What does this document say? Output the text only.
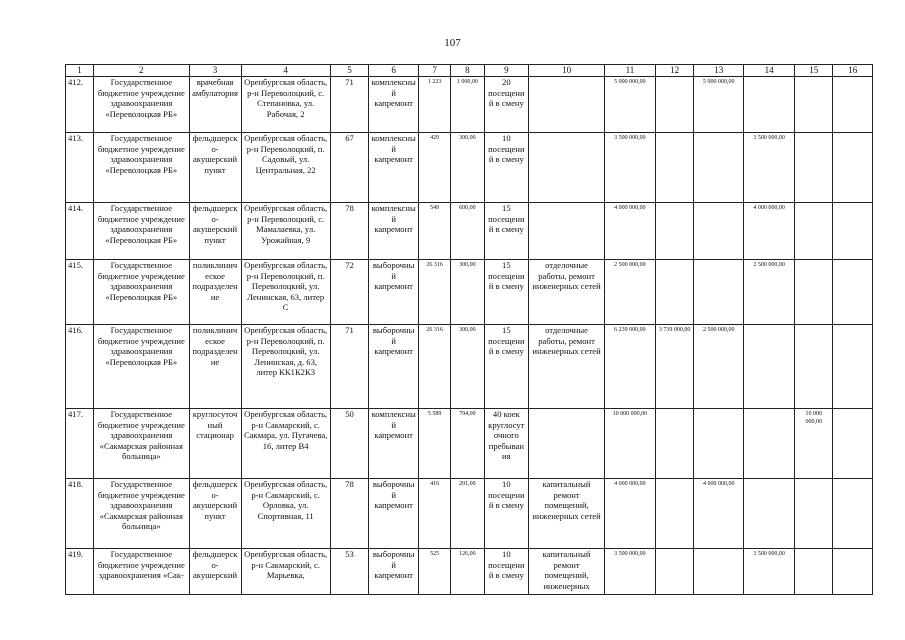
107
1	2	3	4	5	6	7	8	9	10	11	12	13	14	15	16
412.	Государственное бюджетное учреждение здравоохранения «Переволоцкая РБ»	врачебная амбулатория	Оренбургская область, р-н Переволоцкий, с. Степановка, ул. Рабочая, 2	71	комплексный капремонт	1 223	1 000,00	20 посещений в смену		5 000 000,00		5 000 000,00			
413.	Государственное бюджетное учреждение здравоохранения «Переволоцкая РБ»	фельдшерско-акушерский пункт	Оренбургская область, р-н Переволоцкий, п. Садовый, ул. Центральная, 22	67	комплексный капремонт	429	300,00	10 посещений в смену		3 500 000,00			3 500 000,00		
414.	Государственное бюджетное учреждение здравоохранения «Переволоцкая РБ»	фельдшерско-акушерский пункт	Оренбургская область, р-н Переволоцкий, с. Мамалаевка, ул. Урожайная, 9	78	комплексный капремонт	549	600,00	15 посещений в смену		4 000 000,00			4 000 000,00		
415.	Государственное бюджетное учреждение здравоохранения «Переволоцкая РБ»	поликлиническое подразделение	Оренбургская область, р-н Переволоцкий, п. Переволоцкий, ул. Ленинская, 63, литер С	72	выборочный капремонт	26 316	300,00	15 посещений в смену	отделочные работы, ремонт инженерных сетей	2 500 000,00			2 500 000,00		
416.	Государственное бюджетное учреждение здравоохранения «Переволоцкая РБ»	поликлиническое подразделение	Оренбургская область, р-н Переволоцкий, п. Переволоцкий, ул. Ленинская, д. 63, литер КК1К2К3	71	выборочный капремонт	26 316	300,00	15 посещений в смену	отделочные работы, ремонт инженерных сетей	6 239 000,00	3 739 000,00	2 500 000,00			
417.	Государственное бюджетное учреждение здравоохранения «Сакмарская районная больница»	круглосуточный стационар	Оренбургская область, р-н Сакмарский, с. Сакмара, ул. Пугачева, 16, литер В4	50	комплексный капремонт	5 589	794,00	40 коек круглосуточного пребывания		10 000 000,00				10 000 000,00	
418.	Государственное бюджетное учреждение здравоохранения «Сакмарская районная больница»	фельдшерско-акушерский пункт	Оренбургская область, р-н Сакмарский, с. Орловка, ул. Спортивная, 11	78	выборочный капремонт	416	201,00	10 посещений в смену	капитальный ремонт помещений, инженерных сетей	4 000 000,00		4 000 000,00			
419.	Государственное бюджетное учреждение здравоохранения «Сак-	фельдшерско-акушерский	Оренбургская область, р-н Сакмарский, с. Марьевка,	53	выборочный капремонт	525	126,00	10 посещений в смену	капитальный ремонт помещений, инженерных	3 500 000,00			3 500 000,00		
